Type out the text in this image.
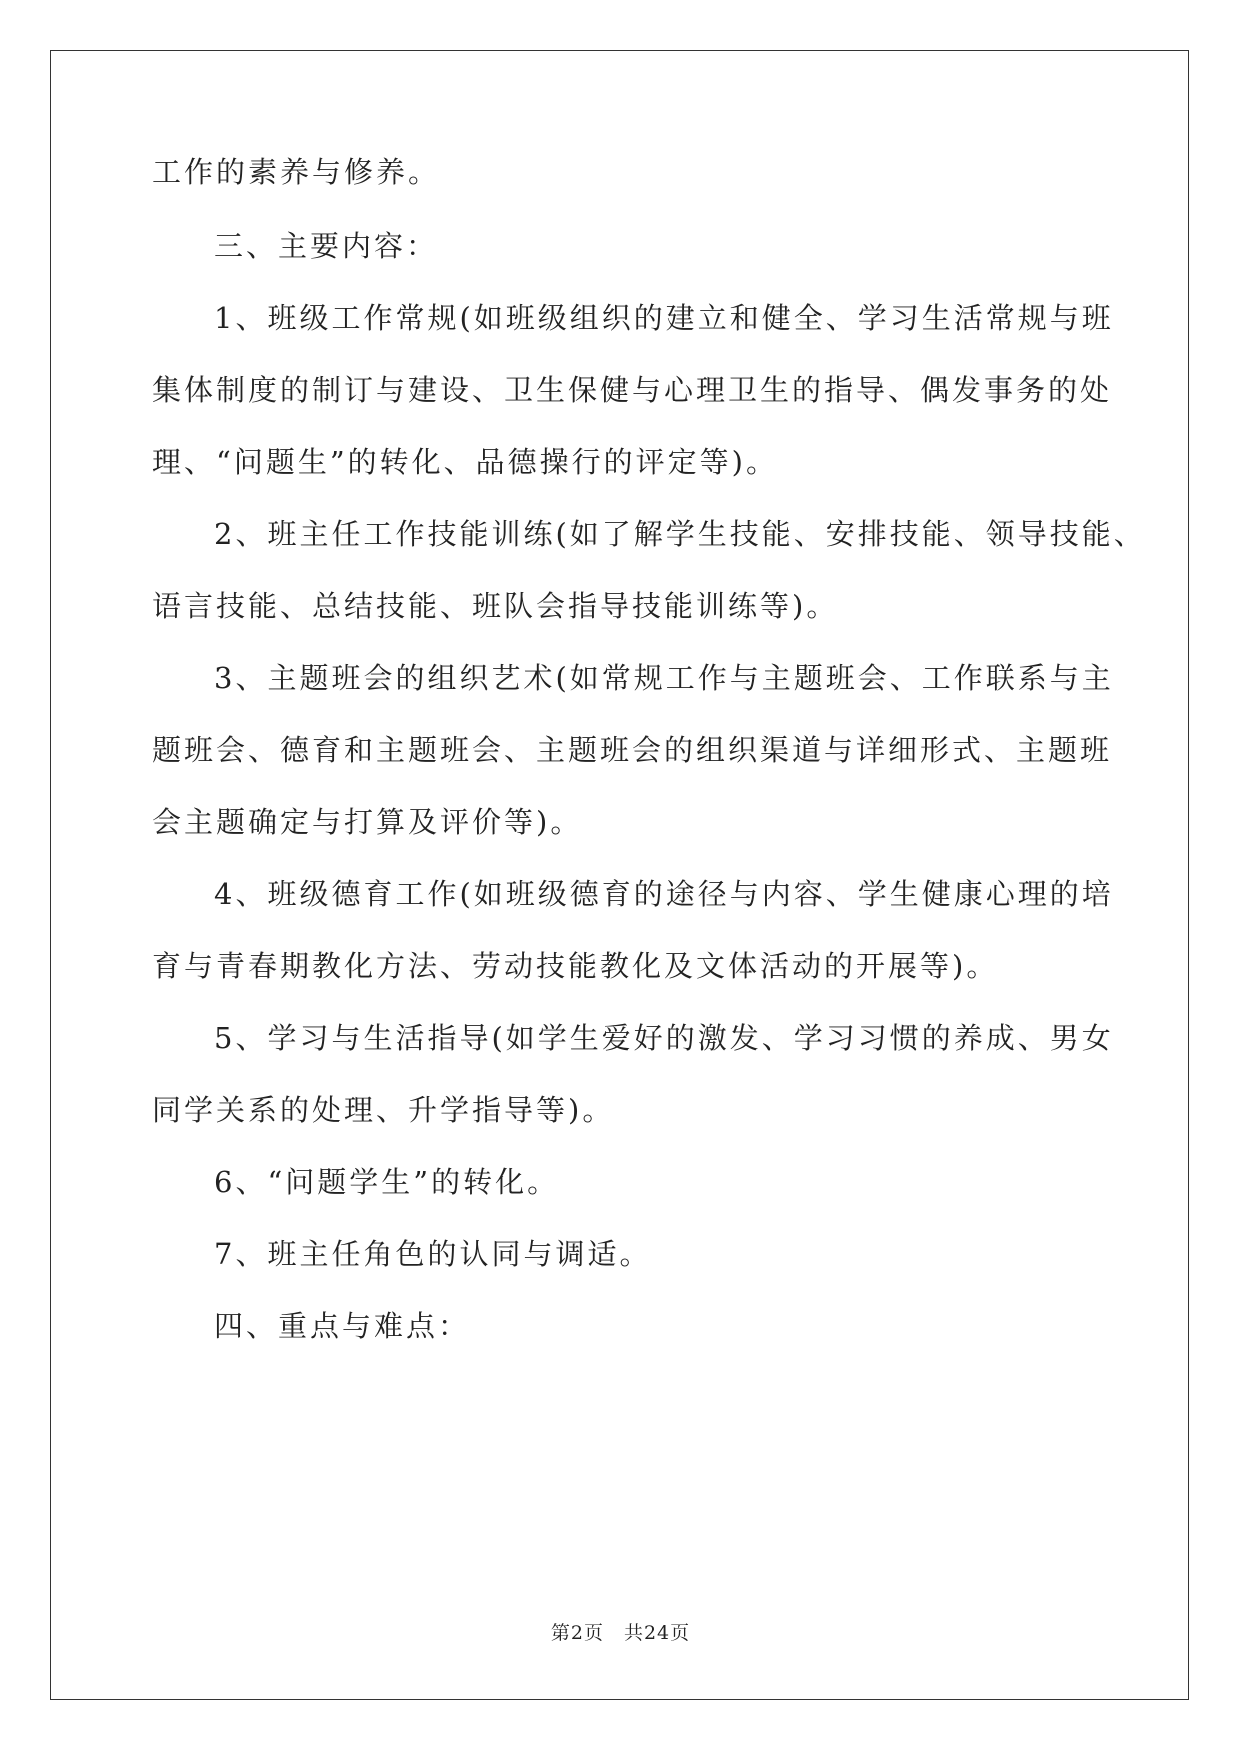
工作的素养与修养。
三、主要内容：
1、班级工作常规(如班级组织的建立和健全、学习生活常规与班
集体制度的制订与建设、卫生保健与心理卫生的指导、偶发事务的处
理、“问题生”的转化、品德操行的评定等)。
2、班主任工作技能训练(如了解学生技能、安排技能、领导技能、
语言技能、总结技能、班队会指导技能训练等)。
3、主题班会的组织艺术(如常规工作与主题班会、工作联系与主
题班会、德育和主题班会、主题班会的组织渠道与详细形式、主题班
会主题确定与打算及评价等)。
4、班级德育工作(如班级德育的途径与内容、学生健康心理的培
育与青春期教化方法、劳动技能教化及文体活动的开展等)。
5、学习与生活指导(如学生爱好的激发、学习习惯的养成、男女
同学关系的处理、升学指导等)。
6、“问题学生”的转化。
7、班主任角色的认同与调适。
四、重点与难点：
第2页　共24页
